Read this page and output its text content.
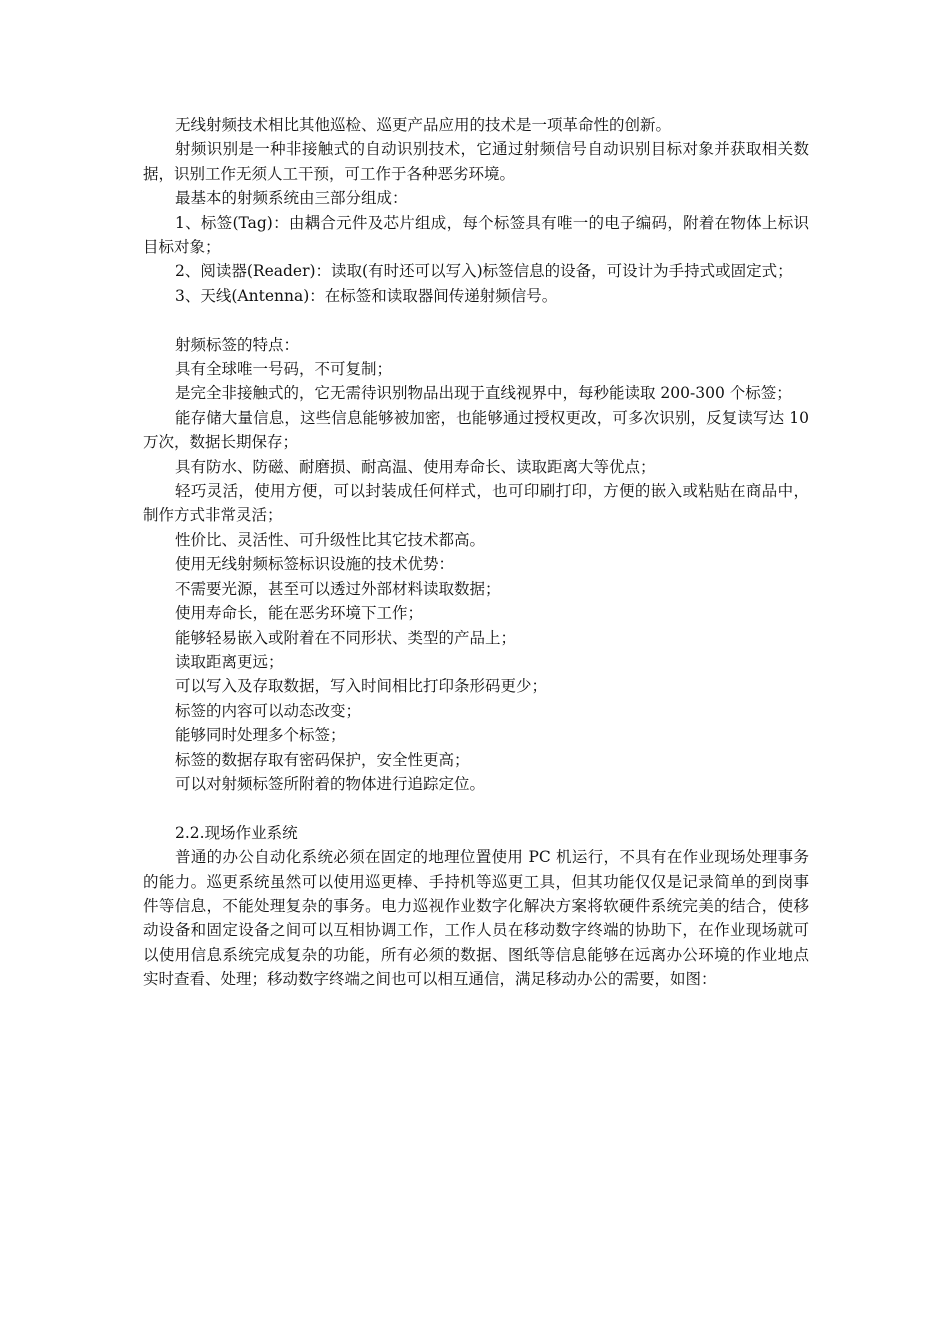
无线射频技术相比其他巡检、巡更产品应用的技术是一项革命性的创新。

射频识别是一种非接触式的自动识别技术，它通过射频信号自动识别目标对象并获取相关数据，识别工作无须人工干预，可工作于各种恶劣环境。

最基本的射频系统由三部分组成：

1、标签(Tag)：由耦合元件及芯片组成，每个标签具有唯一的电子编码，附着在物体上标识目标对象；

2、阅读器(Reader)：读取(有时还可以写入)标签信息的设备，可设计为手持式或固定式；

3、天线(Antenna)：在标签和读取器间传递射频信号。

射频标签的特点：

具有全球唯一号码，不可复制；

是完全非接触式的，它无需待识别物品出现于直线视界中，每秒能读取 200-300 个标签；

能存储大量信息，这些信息能够被加密，也能够通过授权更改，可多次识别，反复读写达 10 万次，数据长期保存；

具有防水、防磁、耐磨损、耐高温、使用寿命长、读取距离大等优点；

轻巧灵活，使用方便，可以封装成任何样式，也可印刷打印，方便的嵌入或粘贴在商品中，制作方式非常灵活；

性价比、灵活性、可升级性比其它技术都高。

使用无线射频标签标识设施的技术优势：

不需要光源，甚至可以透过外部材料读取数据；

使用寿命长，能在恶劣环境下工作；

能够轻易嵌入或附着在不同形状、类型的产品上；

读取距离更远；

可以写入及存取数据，写入时间相比打印条形码更少；

标签的内容可以动态改变；

能够同时处理多个标签；

标签的数据存取有密码保护，安全性更高；

可以对射频标签所附着的物体进行追踪定位。

2.2.现场作业系统

普通的办公自动化系统必须在固定的地理位置使用 PC 机运行，不具有在作业现场处理事务的能力。巡更系统虽然可以使用巡更棒、手持机等巡更工具，但其功能仅仅是记录简单的到岗事件等信息，不能处理复杂的事务。电力巡视作业数字化解决方案将软硬件系统完美的结合，使移动设备和固定设备之间可以互相协调工作，工作人员在移动数字终端的协助下，在作业现场就可以使用信息系统完成复杂的功能，所有必须的数据、图纸等信息能够在远离办公环境的作业地点实时查看、处理；移动数字终端之间也可以相互通信，满足移动办公的需要，如图：
